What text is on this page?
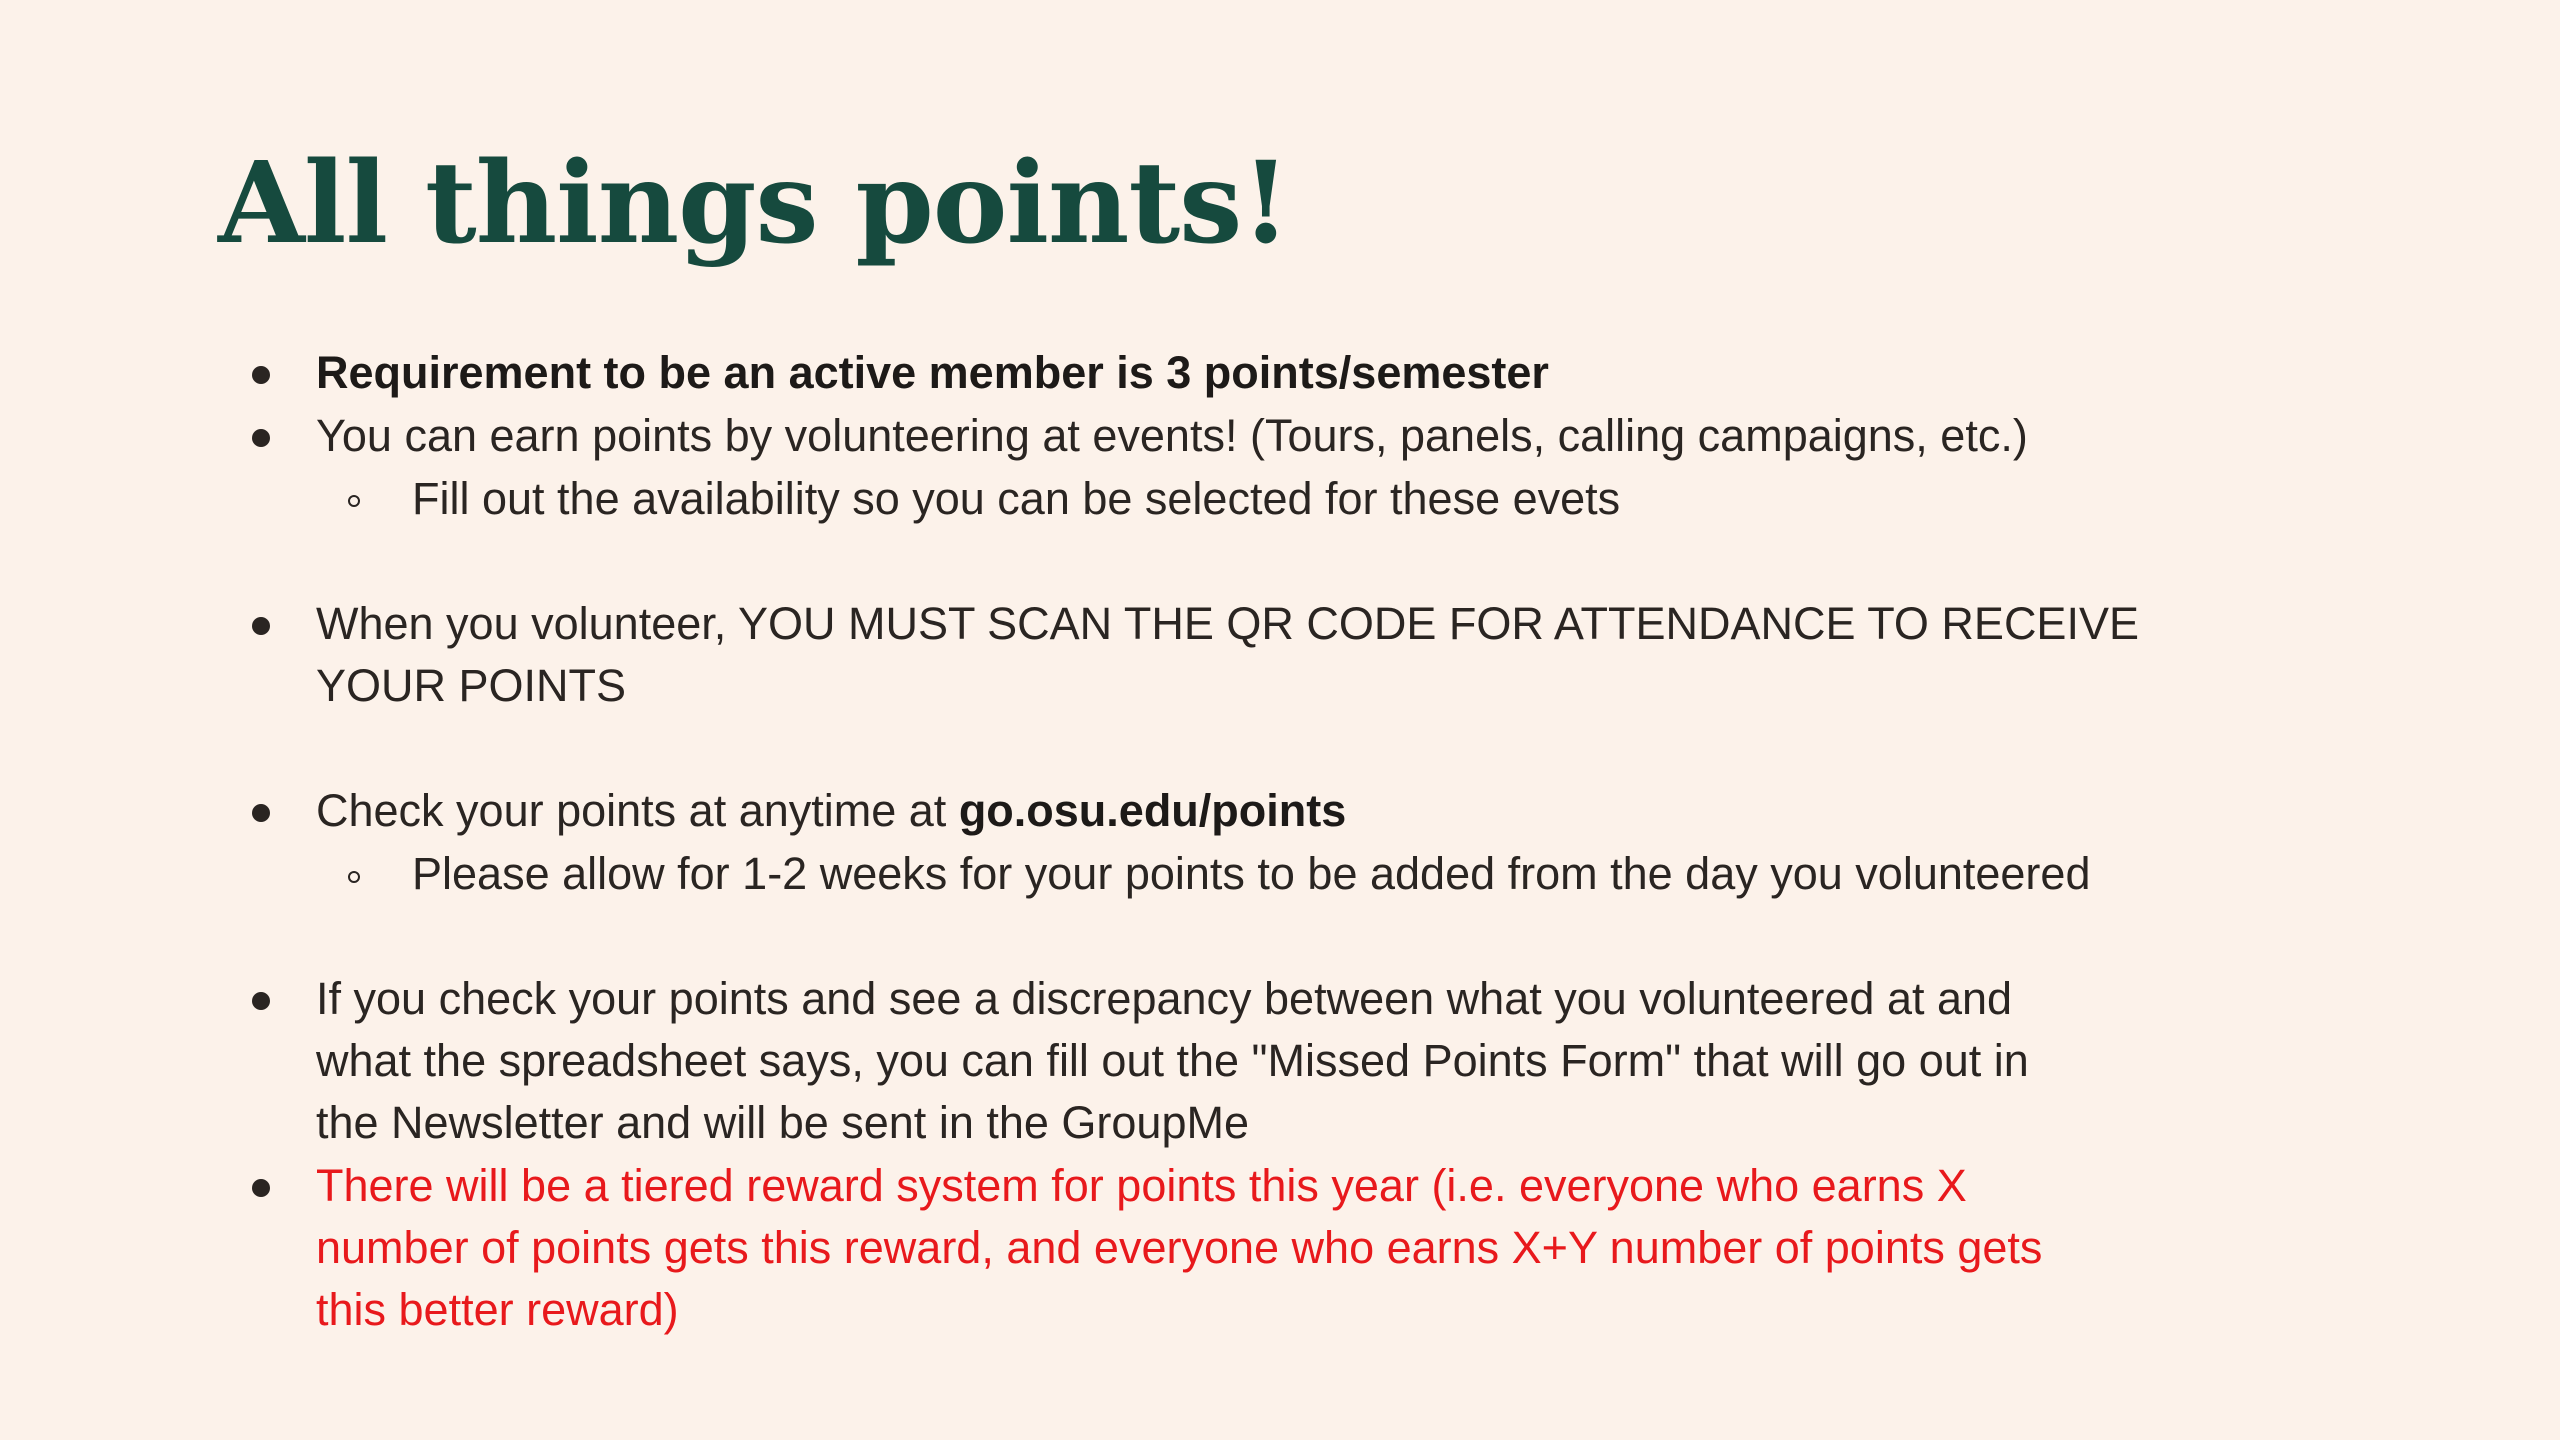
All things points!
Requirement to be an active member is 3 points/semester
You can earn points by volunteering at events! (Tours, panels, calling campaigns, etc.)
Fill out the availability so you can be selected for these evets
When you volunteer, YOU MUST SCAN THE QR CODE FOR ATTENDANCE TO RECEIVE
YOUR POINTS
Check your points at anytime at go.osu.edu/points
Please allow for 1-2 weeks for your points to be added from the day you volunteered
If you check your points and see a discrepancy between what you volunteered at and
what the spreadsheet says, you can fill out the "Missed Points Form" that will go out in
the Newsletter and will be sent in the GroupMe
There will be a tiered reward system for points this year (i.e. everyone who earns X
number of points gets this reward, and everyone who earns X+Y number of points gets
this better reward)
